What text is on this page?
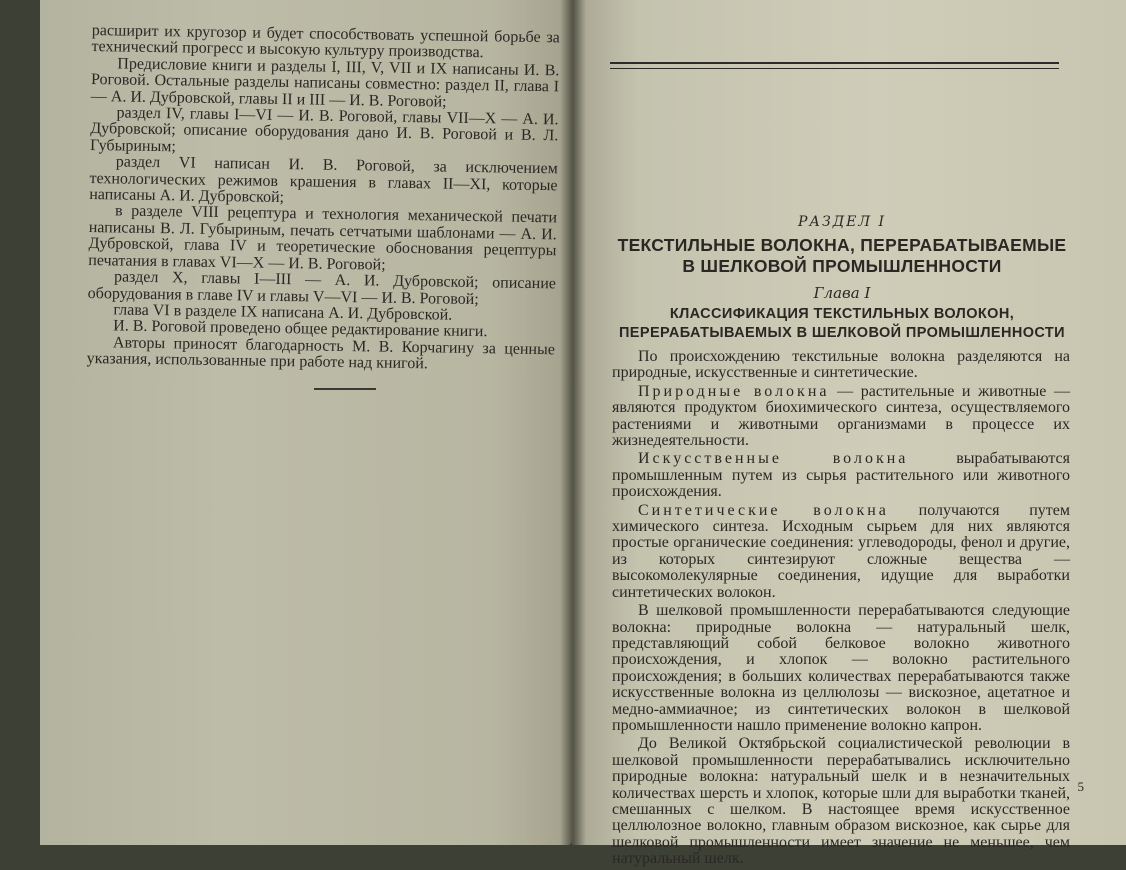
расширит их кругозор и будет способствовать успешной борьбе за технический прогресс и высокую культуру производства.

Предисловие книги и разделы I, III, V, VII и IX написаны И. В. Роговой. Остальные разделы написаны совместно: раздел II, глава I — А. И. Дубровской, главы II и III — И. В. Роговой;

раздел IV, главы I—VI — И. В. Роговой, главы VII—X — А. И. Дубровской; описание оборудования дано И. В. Роговой и В. Л. Губыриным;

раздел VI написан И. В. Роговой, за исключением технологических режимов крашения в главах II—XI, которые написаны А. И. Дубровской;

в разделе VIII рецептура и технология механической печати написаны В. Л. Губыриным, печать сетчатыми шаблонами — А. И. Дубровской, глава IV и теоретические обоснования рецептуры печатания в главах VI—X — И. В. Роговой;

раздел X, главы I—III — А. И. Дубровской; описание оборудования в главе IV и главы V—VI — И. В. Роговой;

глава VI в разделе IX написана А. И. Дубровской.

И. В. Роговой проведено общее редактирование книги.

Авторы приносят благодарность М. В. Корчагину за ценные указания, использованные при работе над книгой.

РАЗДЕЛ I
ТЕКСТИЛЬНЫЕ ВОЛОКНА, ПЕРЕРАБАТЫВАЕМЫЕ
В ШЕЛКОВОЙ ПРОМЫШЛЕННОСТИ
Глава I
КЛАССИФИКАЦИЯ ТЕКСТИЛЬНЫХ ВОЛОКОН,
ПЕРЕРАБАТЫВАЕМЫХ В ШЕЛКОВОЙ ПРОМЫШЛЕННОСТИ

По происхождению текстильные волокна разделяются на природные, искусственные и синтетические.

Природные волокна — растительные и животные — являются продуктом биохимического синтеза, осуществляемого растениями и животными организмами в процессе их жизнедеятельности.

Искусственные волокна вырабатываются промышленным путем из сырья растительного или животного происхождения.

Синтетические волокна получаются путем химического синтеза. Исходным сырьем для них являются простые органические соединения: углеводороды, фенол и другие, из которых синтезируют сложные вещества — высокомолекулярные соединения, идущие для выработки синтетических волокон.

В шелковой промышленности перерабатываются следующие волокна: природные волокна — натуральный шелк, представляющий собой белковое волокно животного происхождения, и хлопок — волокно растительного происхождения; в больших количествах перерабатываются также искусственные волокна из целлюлозы — вискозное, ацетатное и медно-аммиачное; из синтетических волокон в шелковой промышленности нашло применение волокно капрон.

До Великой Октябрьской социалистической революции в шелковой промышленности перерабатывались исключительно природные волокна: натуральный шелк и в незначительных количествах шерсть и хлопок, которые шли для выработки тканей, смешанных с шелком. В настоящее время искусственное целлюлозное волокно, главным образом вискозное, как сырье для шелковой промышленности имеет значение не меньшее, чем натуральный шелк.

5
